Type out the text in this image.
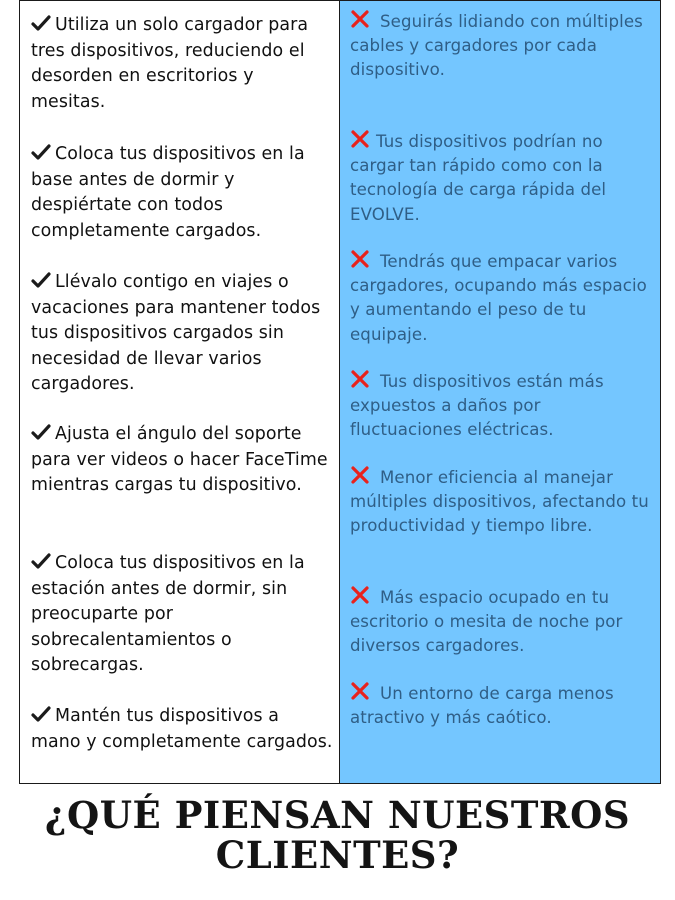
Utiliza un solo cargador para tres dispositivos, reduciendo el desorden en escritorios y mesitas.

Coloca tus dispositivos en la base antes de dormir y despiértate con todos completamente cargados.

Llévalo contigo en viajes o vacaciones para mantener todos tus dispositivos cargados sin necesidad de llevar varios cargadores.

Ajusta el ángulo del soporte para ver videos o hacer FaceTime mientras cargas tu dispositivo.

Coloca tus dispositivos en la estación antes de dormir, sin preocuparte por sobrecalentamientos o sobrecargas.

Mantén tus dispositivos a mano y completamente cargados.

Seguirás lidiando con múltiples cables y cargadores por cada dispositivo.

Tus dispositivos podrían no cargar tan rápido como con la tecnología de carga rápida del EVOLVE.

Tendrás que empacar varios cargadores, ocupando más espacio y aumentando el peso de tu equipaje.

Tus dispositivos están más expuestos a daños por fluctuaciones eléctricas.

Menor eficiencia al manejar múltiples dispositivos, afectando tu productividad y tiempo libre.

Más espacio ocupado en tu escritorio o mesita de noche por diversos cargadores.

Un entorno de carga menos atractivo y más caótico.

¿QUÉ PIENSAN NUESTROS CLIENTES?
